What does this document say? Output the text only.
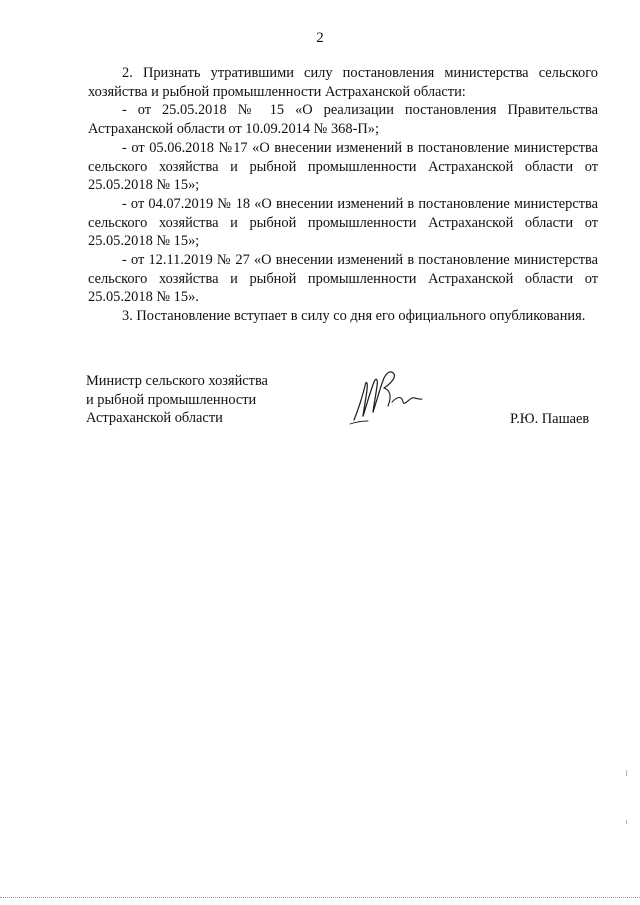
2

2. Признать утратившими силу постановления министерства сельского хозяйства и рыбной промышленности Астраханской области:

- от 25.05.2018 № 15 «О реализации постановления Правительства Астраханской области от 10.09.2014 № 368-П»;

- от 05.06.2018 №17 «О внесении изменений в постановление министерства сельского хозяйства и рыбной промышленности Астраханской области от 25.05.2018 № 15»;

- от 04.07.2019 № 18 «О внесении изменений в постановление министерства сельского хозяйства и рыбной промышленности Астраханской области от 25.05.2018 № 15»;

- от 12.11.2019 № 27 «О внесении изменений в постановление министерства сельского хозяйства и рыбной промышленности Астраханской области от 25.05.2018 № 15».

3. Постановление вступает в силу со дня его официального опубликования.

Министр сельского хозяйства
и рыбной промышленности
Астраханской области	Р.Ю. Пашаев
